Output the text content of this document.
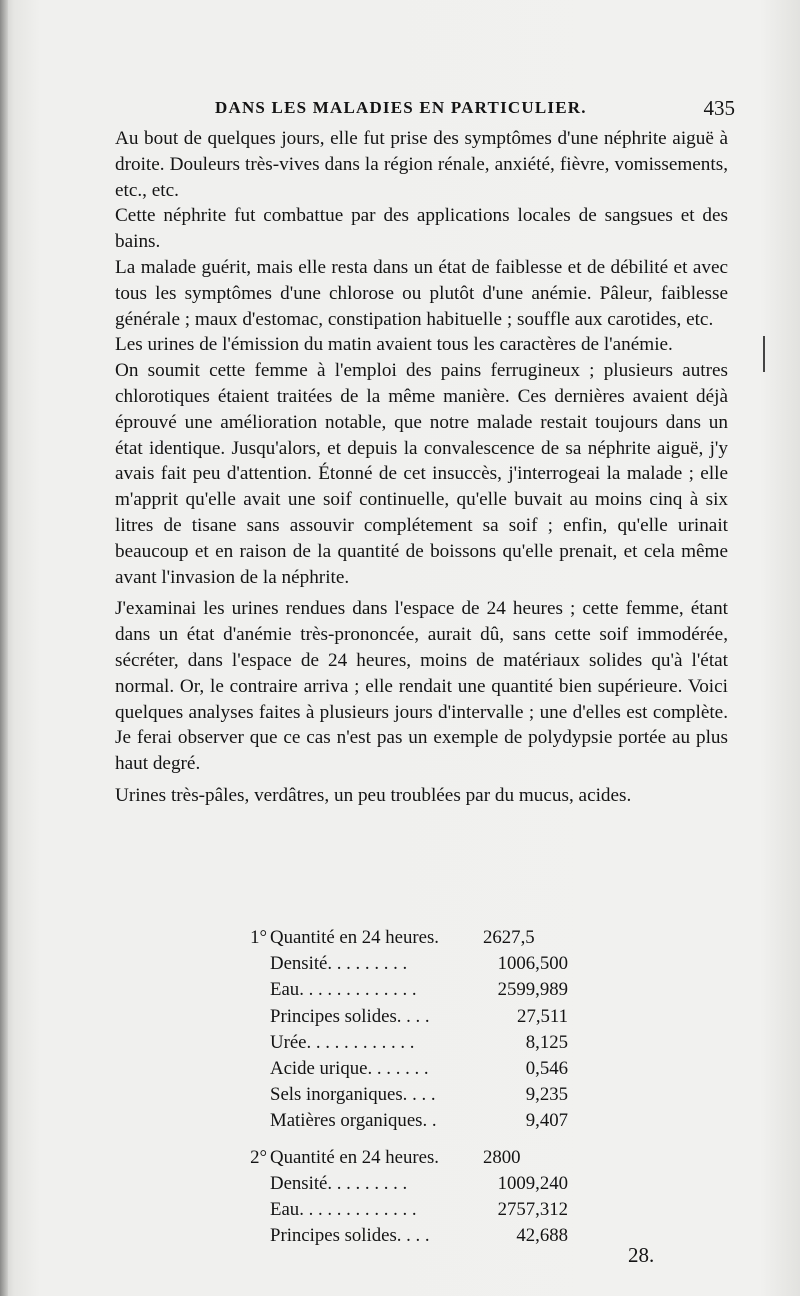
DANS LES MALADIES EN PARTICULIER.	435

Au bout de quelques jours, elle fut prise des symptômes d'une néphrite aiguë à droite. Douleurs très-vives dans la région rénale, anxiété, fièvre, vomissements, etc., etc.

Cette néphrite fut combattue par des applications locales de sangsues et des bains.

La malade guérit, mais elle resta dans un état de faiblesse et de débilité et avec tous les symptômes d'une chlorose ou plutôt d'une anémie. Pâleur, faiblesse générale ; maux d'estomac, constipation habituelle ; souffle aux carotides, etc.

Les urines de l'émission du matin avaient tous les caractères de l'anémie.

On soumit cette femme à l'emploi des pains ferrugineux ; plusieurs autres chlorotiques étaient traitées de la même manière. Ces dernières avaient déjà éprouvé une amélioration notable, que notre malade restait toujours dans un état identique. Jusqu'alors, et depuis la convalescence de sa néphrite aiguë, j'y avais fait peu d'attention. Étonné de cet insuccès, j'interrogeai la malade ; elle m'apprit qu'elle avait une soif continuelle, qu'elle buvait au moins cinq à six litres de tisane sans assouvir complétement sa soif ; enfin, qu'elle urinait beaucoup et en raison de la quantité de boissons qu'elle prenait, et cela même avant l'invasion de la néphrite.

J'examinai les urines rendues dans l'espace de 24 heures ; cette femme, étant dans un état d'anémie très-prononcée, aurait dû, sans cette soif immodérée, sécréter, dans l'espace de 24 heures, moins de matériaux solides qu'à l'état normal. Or, le contraire arriva ; elle rendait une quantité bien supérieure. Voici quelques analyses faites à plusieurs jours d'intervalle ; une d'elles est complète. Je ferai observer que ce cas n'est pas un exemple de polydypsie portée au plus haut degré.

Urines très-pâles, verdâtres, un peu troublées par du mucus, acides.

1° Quantité en 24 heures. 2627,5
Densité. . . . . . . . .	1006,500
Eau. . . . . . . . . . . . .	2599,989
Principes solides. . . .	27,511
Urée. . . . . . . . . . . .	8,125
Acide urique. . . . . . .	0,546
Sels inorganiques. . . .	9,235
Matières organiques. .	9,407
2° Quantité en 24 heures. 2800
Densité. . . . . . . . .	1009,240
Eau. . . . . . . . . . . . .	2757,312
Principes solides. . . .	42,688
28.
